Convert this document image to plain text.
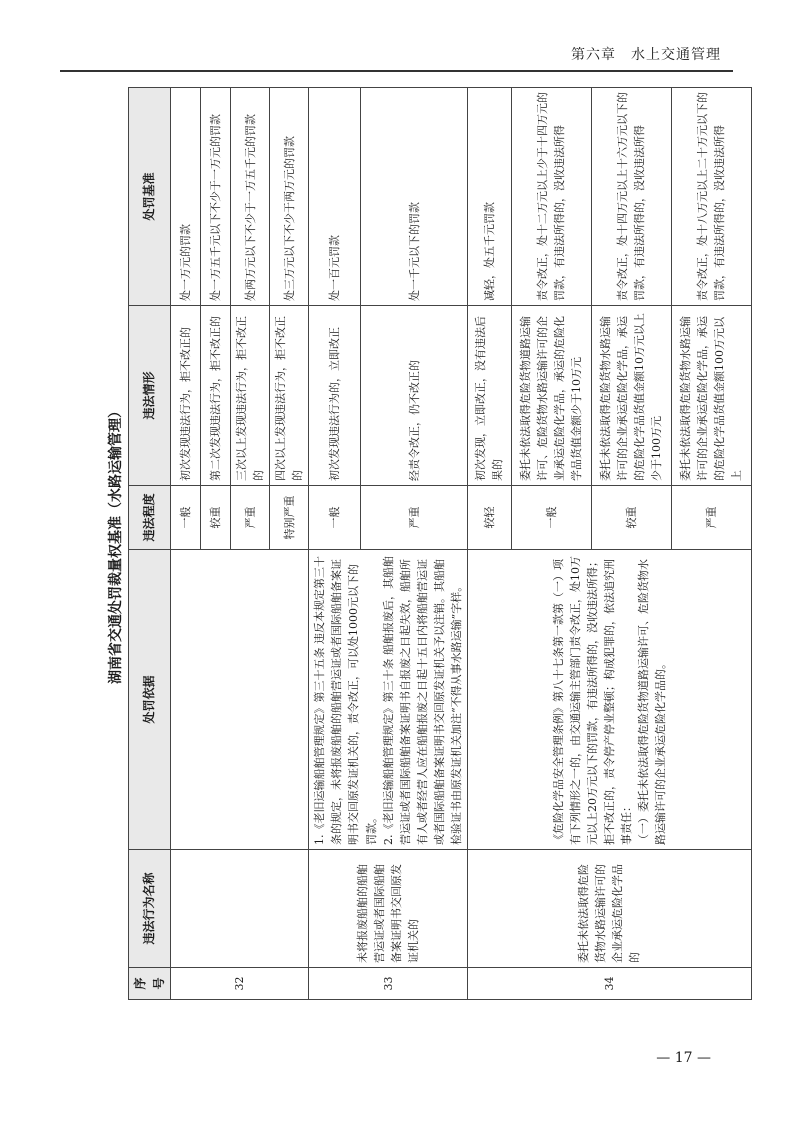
第六章　水上交通管理
湖南省交通处罚裁量权基准（水路运输管理）
序号	违法行为名称	处罚依据	违法程度	违法情形	处罚基准
32			一般	初次发现违法行为，拒不改正的	处一万元的罚款
			较重	第二次发现违法行为，拒不改正的	处一万五千元以下不少于一万元的罚款
			严重	三次以上发现违法行为，拒不改正的	处两万元以下不少于一万五千元的罚款
			特别严重	四次以上发现违法行为，拒不改正的	处三万元以下不少于两万元的罚款
33	未将报废船舶的船舶营运证或者国际船舶备案证明书交回原发证机关的	1.《老旧运输船舶管理规定》第三十五条 违反本规定第三十条的规定，未将报废船舶的船舶营运证或者国际船舶备案证明书交回原发证机关的，责令改正，可以处1000元以下的罚款。 2.《老旧运输船舶管理规定》第三十条 船舶报废后，其船舶营运证或者国际船舶备案证明书自报废之日起失效，船舶所有人或者经营人应在船舶报废之日起十五日内将船舶营运证或者国际船舶备案证明书交回原发证机关予以注销。其船舶检验证书由原发证机关加注“不得从事水路运输”字样。	一般	初次发现违法行为的，立即改正	处一百元罚款
			严重	经责令改正，仍不改正的	处一千元以下的罚款
34	委托未依法取得危险货物水路运输许可的企业承运危险化学品的	《危险化学品安全管理条例》第八十七条第一款第（一）项 有下列情形之一的，由交通运输主管部门责令改正，处10万元以上20万元以下的罚款，有违法所得的，没收违法所得；拒不改正的，责令停产停业整顿；构成犯罪的，依法追究刑事责任： （一）委托未依法取得危险货物道路运输许可、危险货物水路运输许可的企业承运危险化学品的。	较轻	初次发现，立即改正，没有违法后果的	减轻，处五千元罚款
			一般	委托未依法取得危险货物道路运输许可、危险货物水路运输许可的企业承运危险化学品，承运的危险化学品货值金额少于10万元	责令改正，处十二万元以上少于十四万元的罚款，有违法所得的，没收违法所得
			较重	委托未依法取得危险货物水路运输许可的企业承运危险化学品，承运的危险化学品货值金额10万元以上少于100万元	责令改正，处十四万元以上十六万元以下的罚款，有违法所得的，没收违法所得
			严重	委托未依法取得危险货物水路运输许可的企业承运危险化学品，承运的危险化学品货值金额100万元以上	责令改正，处十八万元以上二十万元以下的罚款，有违法所得的，没收违法所得
— 17 —
